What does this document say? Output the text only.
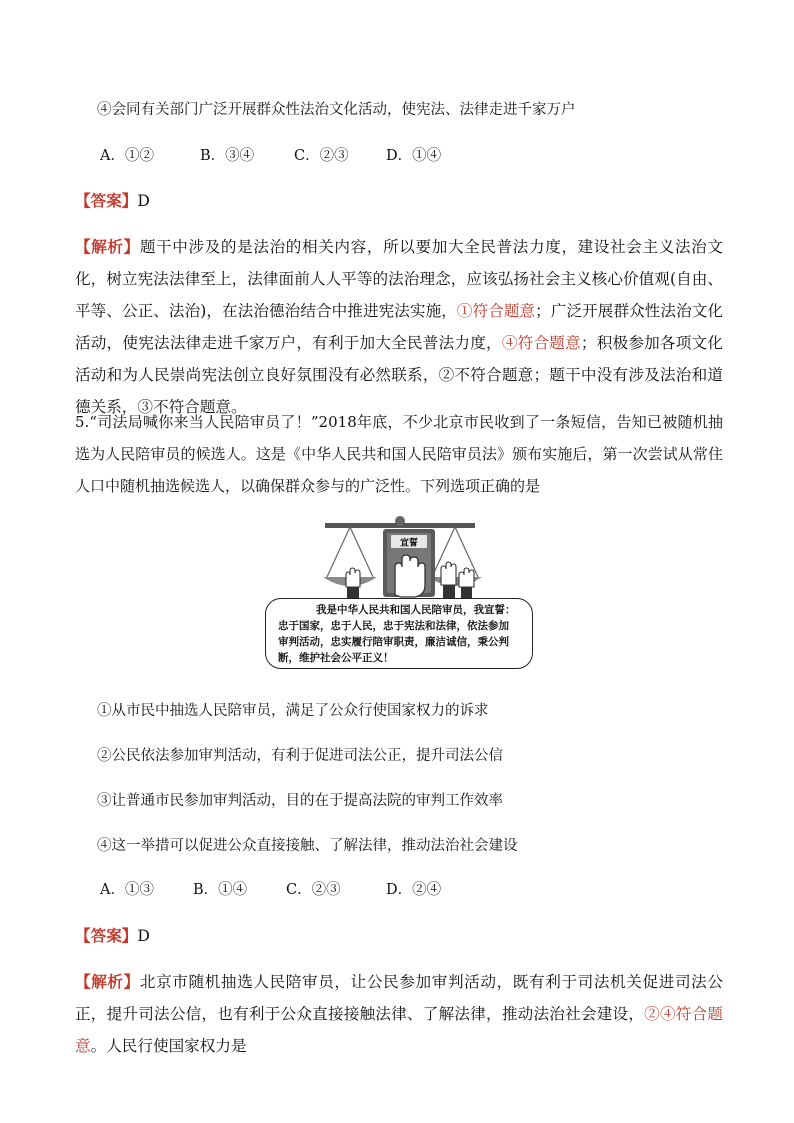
④会同有关部门广泛开展群众性法治文化活动，使宪法、法律走进千家万户
A．①②	B．③④	C．②③	D．①④
【答案】D

【解析】题干中涉及的是法治的相关内容，所以要加大全民普法力度，建设社会主义法治文化，树立宪法法律至上，法律面前人人平等的法治理念，应该弘扬社会主义核心价值观(自由、平等、公正、法治)，在法治德治结合中推进宪法实施，①符合题意；广泛开展群众性法治文化活动，使宪法法律走进千家万户，有利于加大全民普法力度，④符合题意；积极参加各项文化活动和为人民崇尚宪法创立良好氛围没有必然联系，②不符合题意；题干中没有涉及法治和道德关系，③不符合题意。

5.“司法局喊你来当人民陪审员了！”2018年底，不少北京市民收到了一条短信，告知已被随机抽选为人民陪审员的候选人。这是《中华人民共和国人民陪审员法》颁布实施后，第一次尝试从常住人口中随机抽选候选人，以确保群众参与的广泛性。下列选项正确的是

宣誓
我是中华人民共和国人民陪审员，我宣誓：
忠于国家，忠于人民，忠于宪法和法律，依法参加
审判活动，忠实履行陪审职责，廉洁诚信，秉公判
断，维护社会公平正义！
①从市民中抽选人民陪审员，满足了公众行使国家权力的诉求
②公民依法参加审判活动，有利于促进司法公正，提升司法公信
③让普通市民参加审判活动，目的在于提高法院的审判工作效率
④这一举措可以促进公众直接接触、了解法律，推动法治社会建设
A．①③	B．①④	C．②③	D．②④
【答案】D

【解析】北京市随机抽选人民陪审员，让公民参加审判活动，既有利于司法机关促进司法公正，提升司法公信，也有利于公众直接接触法律、了解法律，推动法治社会建设，②④符合题意。人民行使国家权力是
